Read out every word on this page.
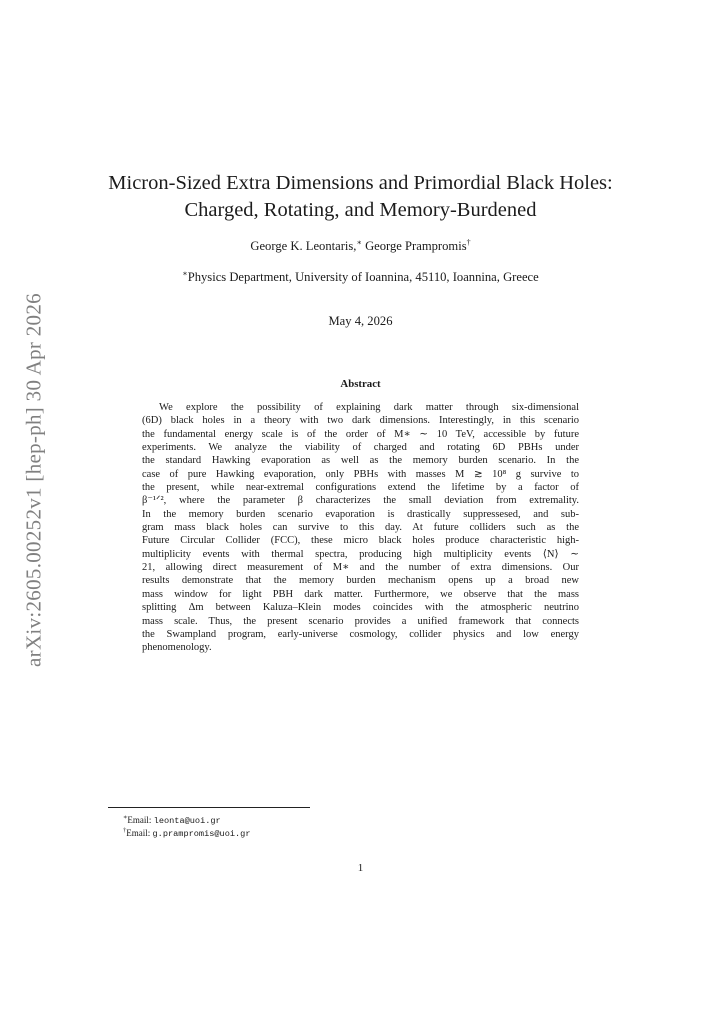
arXiv:2605.00252v1 [hep-ph] 30 Apr 2026
Micron-Sized Extra Dimensions and Primordial Black Holes:
Charged, Rotating, and Memory-Burdened
George K. Leontaris,∗ George Prampromis†
∗Physics Department, University of Ioannina, 45110, Ioannina, Greece
May 4, 2026
Abstract
We explore the possibility of explaining dark matter through six-dimensional
(6D) black holes in a theory with two dark dimensions. Interestingly, in this scenario
the fundamental energy scale is of the order of M∗ ∼ 10 TeV, accessible by future
experiments. We analyze the viability of charged and rotating 6D PBHs under
the standard Hawking evaporation as well as the memory burden scenario. In the
case of pure Hawking evaporation, only PBHs with masses M ≳ 10⁸ g survive to
the present, while near-extremal configurations extend the lifetime by a factor of
β⁻¹ᐟ², where the parameter β characterizes the small deviation from extremality.
In the memory burden scenario evaporation is drastically suppressesed, and sub-
gram mass black holes can survive to this day. At future colliders such as the
Future Circular Collider (FCC), these micro black holes produce characteristic high-
multiplicity events with thermal spectra, producing high multiplicity events ⟨N⟩ ∼
21, allowing direct measurement of M∗ and the number of extra dimensions. Our
results demonstrate that the memory burden mechanism opens up a broad new
mass window for light PBH dark matter. Furthermore, we observe that the mass
splitting Δm between Kaluza–Klein modes coincides with the atmospheric neutrino
mass scale. Thus, the present scenario provides a unified framework that connects
the Swampland program, early-universe cosmology, collider physics and low energy
phenomenology.
∗Email: leonta@uoi.gr
†Email: g.prampromis@uoi.gr
1
